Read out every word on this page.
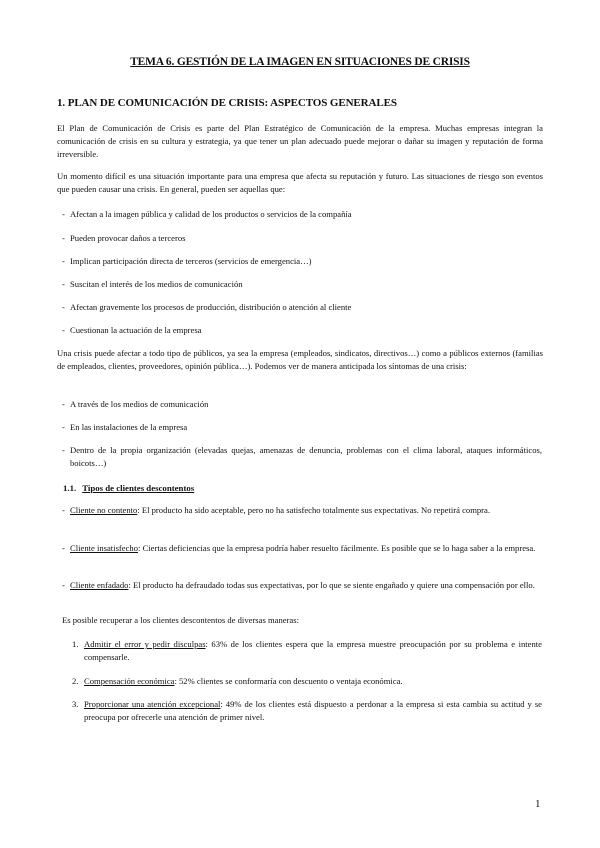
TEMA 6. GESTIÓN DE LA IMAGEN EN SITUACIONES DE CRISIS
1. PLAN DE COMUNICACIÓN DE CRISIS: ASPECTOS GENERALES
El Plan de Comunicación de Crisis es parte del Plan Estratégico de Comunicación de la empresa. Muchas empresas integran la comunicación de crisis en su cultura y estrategia, ya que tener un plan adecuado puede mejorar o dañar su imagen y reputación de forma irreversible.
Un momento difícil es una situación importante para una empresa que afecta su reputación y futuro. Las situaciones de riesgo son eventos que pueden causar una crisis. En general, pueden ser aquellas que:
- Afectan a la imagen pública y calidad de los productos o servicios de la compañía
- Pueden provocar daños a terceros
- Implican participación directa de terceros (servicios de emergencia…)
- Suscitan el interés de los medios de comunicación
- Afectan gravemente los procesos de producción, distribución o atención al cliente
- Cuestionan la actuación de la empresa
Una crisis puede afectar a todo tipo de públicos, ya sea la empresa (empleados, sindicatos, directivos…) como a públicos externos (familias de empleados, clientes, proveedores, opinión pública…). Podemos ver de manera anticipada los síntomas de una crisis:
- A través de los medios de comunicación
- En las instalaciones de la empresa
- Dentro de la propia organización (elevadas quejas, amenazas de denuncia, problemas con el clima laboral, ataques informáticos, boicots…)
1.1. Tipos de clientes descontentos
- Cliente no contento: El producto ha sido aceptable, pero no ha satisfecho totalmente sus expectativas. No repetirá compra.
- Cliente insatisfecho: Ciertas deficiencias que la empresa podría haber resuelto fácilmente. Es posible que se lo haga saber a la empresa.
- Cliente enfadado: El producto ha defraudado todas sus expectativas, por lo que se siente engañado y quiere una compensación por ello.
Es posible recuperar a los clientes descontentos de diversas maneras:
1. Admitir el error y pedir disculpas: 63% de los clientes espera que la empresa muestre preocupación por su problema e intente compensarle.
2. Compensación económica: 52% clientes se conformaría con descuento o ventaja económica.
3. Proporcionar una atención excepcional: 49% de los clientes está dispuesto a perdonar a la empresa si esta cambia su actitud y se preocupa por ofrecerle una atención de primer nivel.
1
